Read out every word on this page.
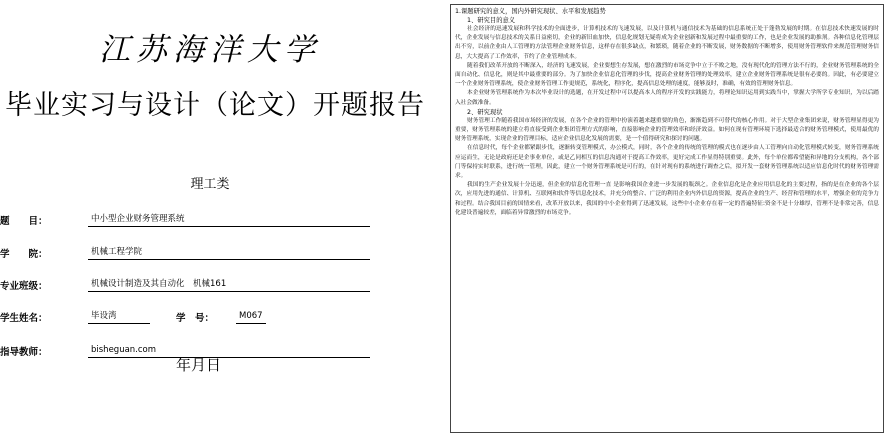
江苏海洋大学
毕业实习与设计（论文）开题报告
理工类
题　　目：	中小型企业财务管理系统
学　　院：	机械工程学院
专业班级：	机械设计制造及其自动化　机械161
学生姓名：	毕设湾	学　号：	M067
指导教师：	bisheguan.com
年月日
1.课题研究的意义，国内外研究现状、水平和发展趋势
1、研究目的意义

社会经济的迅速发展和科学技术的全面进步，计算机技术的飞速发展，以及计算机与通信技术为基础的信息系统正处于蓬勃发展的时期。在信息技术快速发展的时代，企业发展与信息技术的关系日益密切，企业的新旧血加快，信息化规划无疑将成为企业创新和发展过程中最重要的工作，也是企业发展的助推剂。各种信息化管理层出不穷，以前企业由人工管理的方法管理企业财务信息，这样存在很多缺点，和繁琐，随着企业的不断发展，财务数据的不断增多，使用财务管理软件来规范管理财务信息，大大提高了工作效率，节约了企业管理成本。

随着我们改革开放的不断深入，经济的飞速发展，企业要想生存发展，想在激烈的市场竞争中立于不败之地，没有现代化的管理方法不行的，企业财务管理系统的全面自动化、信息化，则是其中最重要的部分。为了加快企业信息化管理的步伐，提高企业财务管理的处理效率，建立企业财务管理系统是很有必要的。因此，有必要建立一个企业财务管理系统，使企业财务管理工作更规范，系统化，程序化，提高信息处理的速度，能够及时，准确，有效的管理财务信息。

本企业财务管理系统作为本次毕业设计的选题，在开发过程中可以提高本人的程序开发的实践能力，将理论知识运用到实践当中，掌握大学所学专业知识，为以后踏入社会做准备。

2、研究现状

财务管理工作随着我国市场经济的发展，在各个企业的管理中扮演着越来越重要的角色，渐渐趋到不可替代的核心作用。对于大型企业集团来说，财务管理显得更为重要，财务管理系统的建立将直接受到企业集团管理方式的影响，直接影响企业的管理效率和经济效益。如何在现有管理环境下选择最适合的财务管理模式，使用最优的财务管理系统，实现企业的管理目标，适应企业信息化发展的需要，是一个值得研究和探讨的问题。

在信息时代，每个企业都紧跟步伐，逐渐转变管理模式，办公模式，同时，各个企业的传统的管理的模式也在逐步由人工管理向自动化管理模式转变，财务管理系统应运而生，无论是政府还是企事业单位，或是乙同相互的信息沟通对于提高工作效率，更好完成工作显得特别重要。此外，每个单位都希望能和异地的分支机构，各个部门等保持实时联系，进行统一管理，因此，建立一个财务管理系统是可行的，在针对现有的系统进行调查之后，拟开发一套财务管理系统以适应信息化时代的财务管理需求。

我国的生产企业发展十分迅速，但企业的信息化管理一直 是影响我国企业进一步发展的瓶颈之。企业信息化是企业应用信息化的主要过程，指的是在企业的各个层次，应用先进的通信、计算机、互联网和软件等信息化技术，并充分的整合、广泛的利用企业内外信息的资源，提高企业的生产、经营和管理的水平，增强企业的竞争力和过程。结合我国目前的国情来看，改革开放以来，我国的中小企业得到了迅速发展，这些中小企业存在着一定的普遍特征:资金不是十分雄厚，管理不是非常完善，信息化建设普遍较差，面临着异常激烈的市场竞争。
